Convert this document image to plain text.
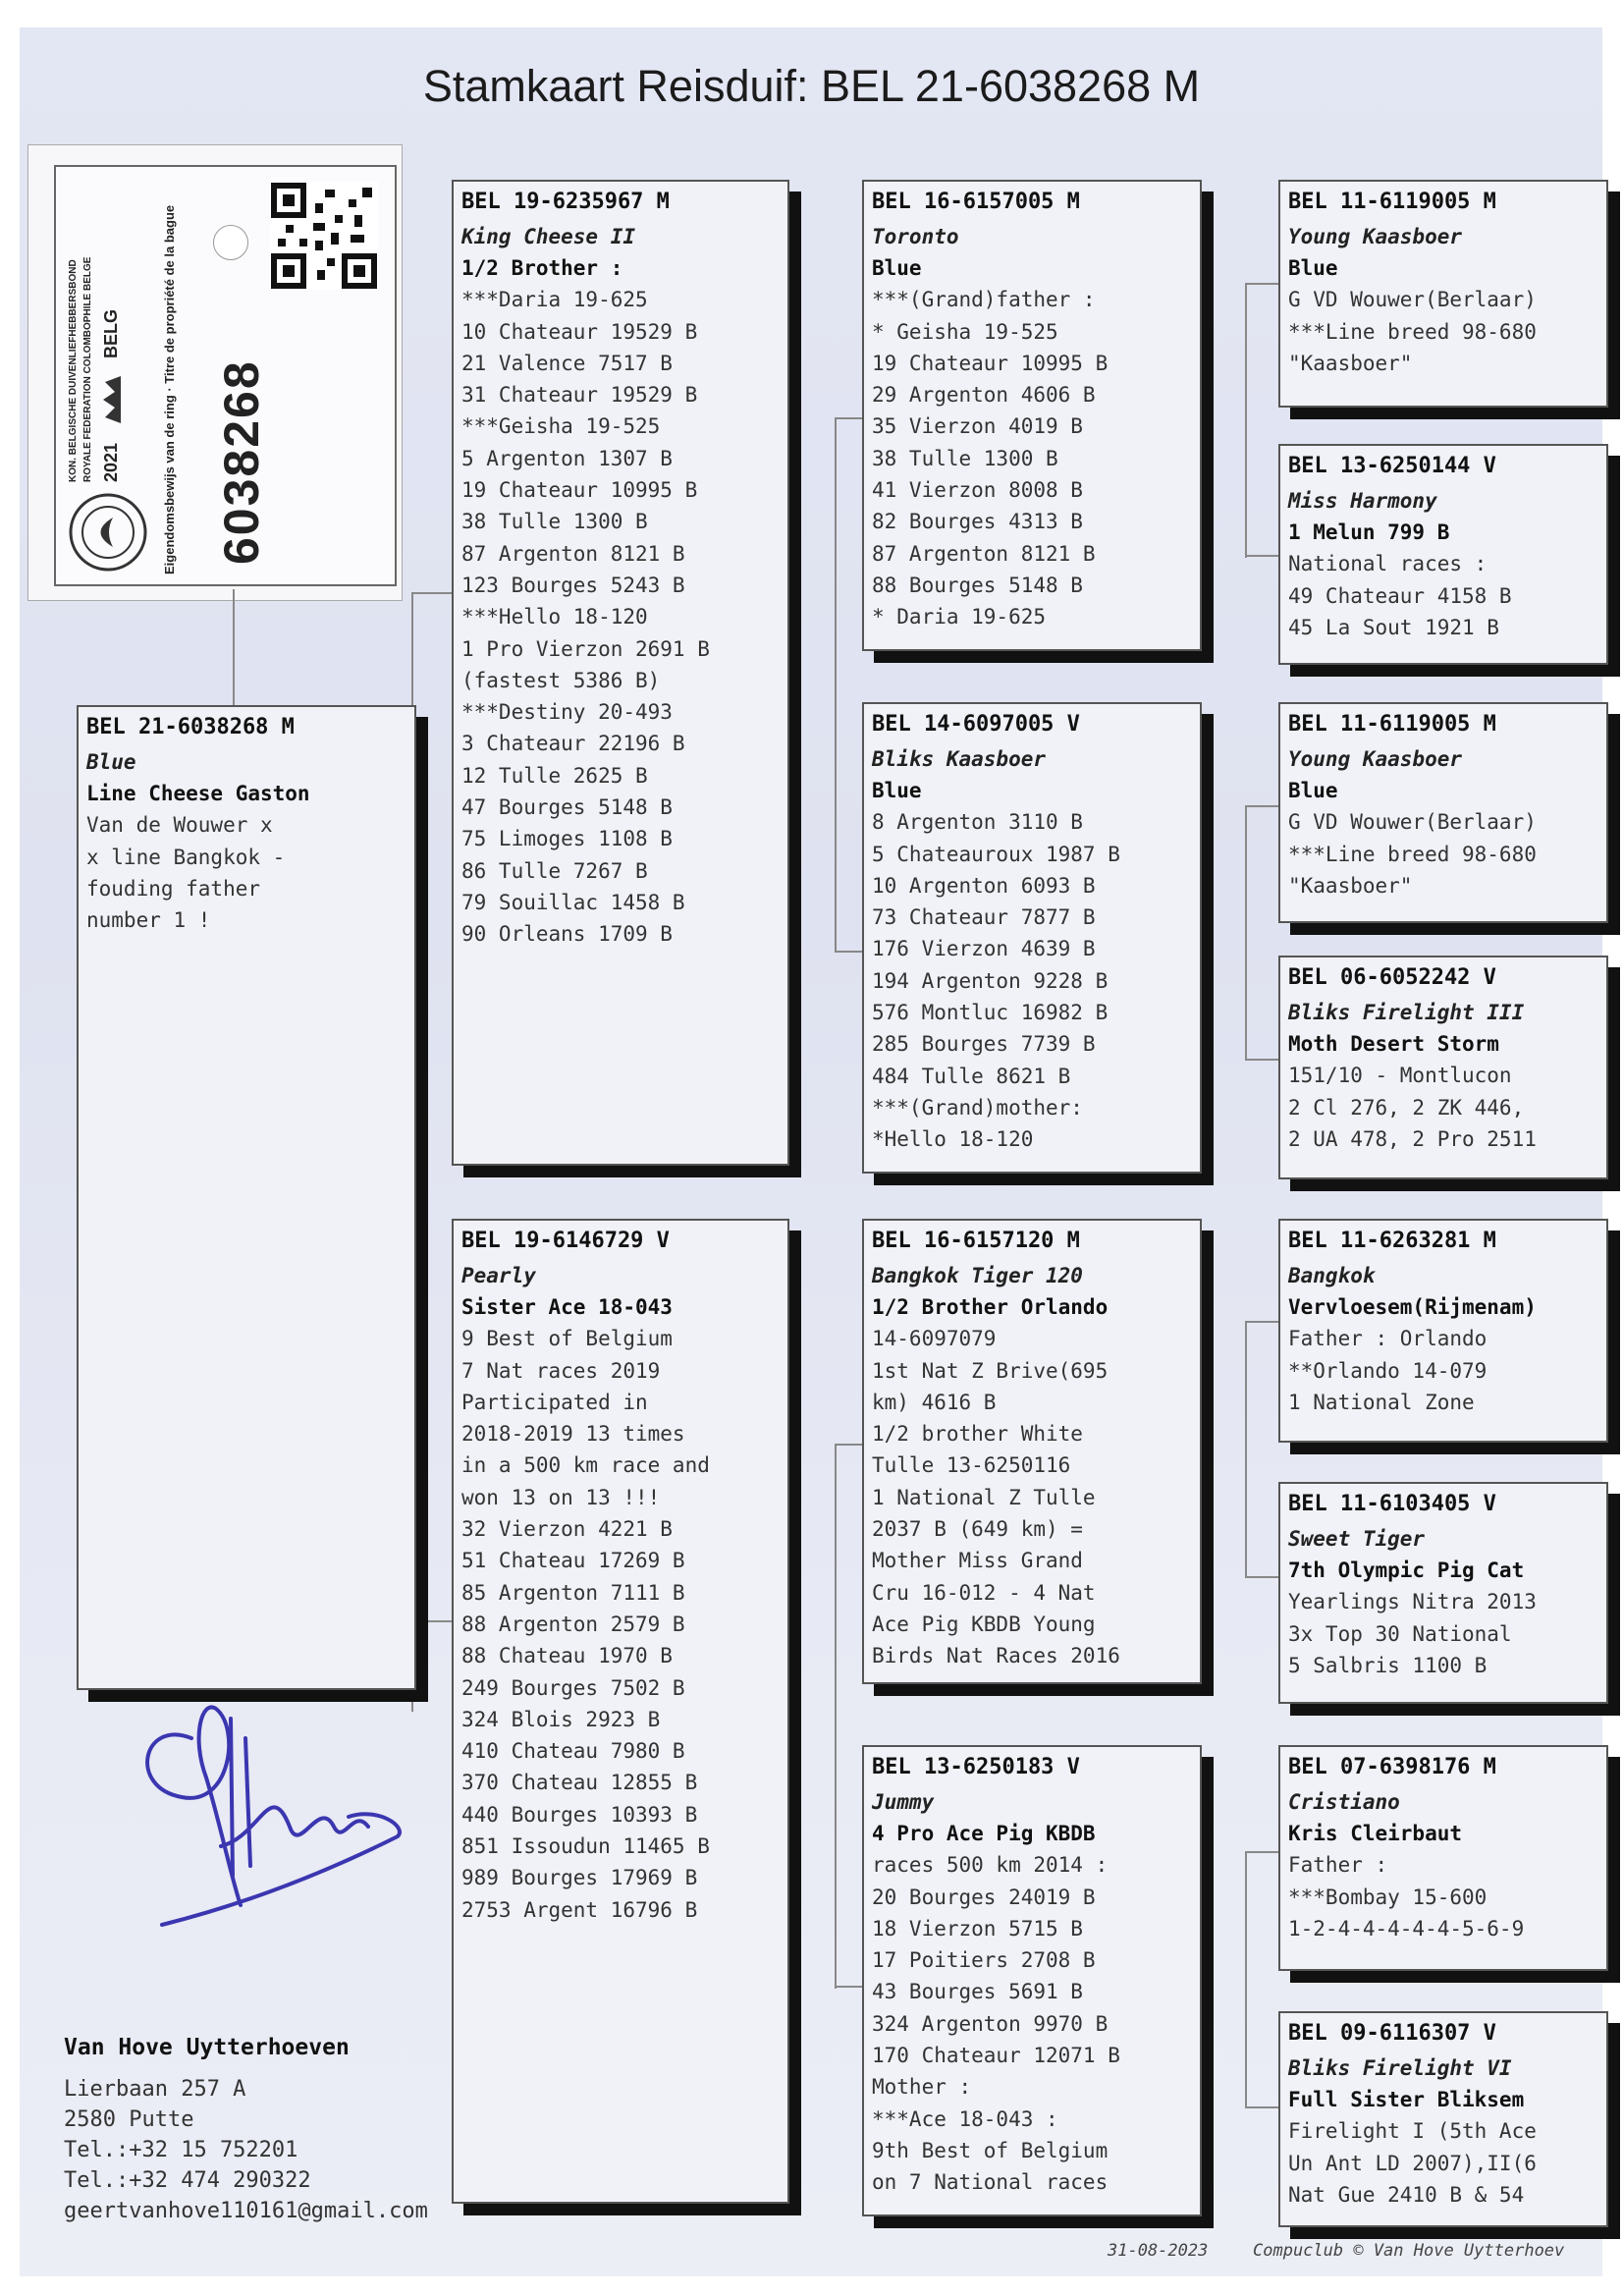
Stamkaart Reisduif: BEL 21-6038268 M
KON. BELGISCHE DUIVENLIEFHEBBERSBOND ROYALE FEDERATION COLOMBOPHILE BELGE 2021
BELG	Eigendomsbewijs van de ring · Titre de propriété de la bague 6038268
BEL 21-6038268 M
Blue
Line Cheese Gaston
Van de Wouwer x
x line Bangkok -
fouding father
number 1 !
BEL 19-6235967 M
King Cheese II
1/2 Brother :
***Daria 19-625
10 Chateaur 19529 B
21 Valence 7517 B
31 Chateaur 19529 B
***Geisha 19-525
5 Argenton 1307 B
19 Chateaur 10995 B
38 Tulle 1300 B
87 Argenton 8121 B
123 Bourges 5243 B
***Hello 18-120
1 Pro Vierzon 2691 B
(fastest 5386 B)
***Destiny 20-493
3 Chateaur 22196 B
12 Tulle 2625 B
47 Bourges 5148 B
75 Limoges 1108 B
86 Tulle 7267 B
79 Souillac 1458 B
90 Orleans 1709 B
BEL 19-6146729 V
Pearly
Sister Ace 18-043
9 Best of Belgium
7 Nat races 2019
Participated in
2018-2019 13 times
in a 500 km race and
won 13 on 13 !!!
32 Vierzon 4221 B
51 Chateau 17269 B
85 Argenton 7111 B
88 Argenton 2579 B
88 Chateau 1970 B
249 Bourges 7502 B
324 Blois 2923 B
410 Chateau 7980 B
370 Chateau 12855 B
440 Bourges 10393 B
851 Issoudun 11465 B
989 Bourges 17969 B
2753 Argent 16796 B
BEL 16-6157005 M
Toronto
Blue
***(Grand)father :
* Geisha 19-525
19 Chateaur 10995 B
29 Argenton 4606 B
35 Vierzon 4019 B
38 Tulle 1300 B
41 Vierzon 8008 B
82 Bourges 4313 B
87 Argenton 8121 B
88 Bourges 5148 B
* Daria 19-625
BEL 14-6097005 V
Bliks Kaasboer
Blue
8 Argenton 3110 B
5 Chateauroux 1987 B
10 Argenton 6093 B
73 Chateaur 7877 B
176 Vierzon 4639 B
194 Argenton 9228 B
576 Montluc 16982 B
285 Bourges 7739 B
484 Tulle 8621 B
***(Grand)mother:
*Hello 18-120
BEL 16-6157120 M
Bangkok Tiger 120
1/2 Brother Orlando
14-6097079
1st Nat Z Brive(695
km) 4616 B
1/2 brother White
Tulle 13-6250116
1 National Z Tulle
2037 B (649 km) =
Mother Miss Grand
Cru 16-012 - 4 Nat
Ace Pig KBDB Young
Birds Nat Races 2016
BEL 13-6250183 V
Jummy
4 Pro Ace Pig KBDB
races 500 km 2014 :
20 Bourges 24019 B
18 Vierzon 5715 B
17 Poitiers 2708 B
43 Bourges 5691 B
324 Argenton 9970 B
170 Chateaur 12071 B
Mother :
***Ace 18-043 :
9th Best of Belgium
on 7 National races
BEL 11-6119005 M
Young Kaasboer
Blue
G VD Wouwer(Berlaar)
***Line breed 98-680
"Kaasboer"
BEL 13-6250144 V
Miss Harmony
1 Melun 799 B
National races :
49 Chateaur 4158 B
45 La Sout 1921 B
BEL 11-6119005 M
Young Kaasboer
Blue
G VD Wouwer(Berlaar)
***Line breed 98-680
"Kaasboer"
BEL 06-6052242 V
Bliks Firelight III
Moth Desert Storm
151/10 - Montlucon
2 Cl 276, 2 ZK 446,
2 UA 478, 2 Pro 2511
BEL 11-6263281 M
Bangkok
Vervloesem(Rijmenam)
Father : Orlando
**Orlando 14-079
1 National Zone
BEL 11-6103405 V
Sweet Tiger
7th Olympic Pig Cat
Yearlings Nitra 2013
3x Top 30 National
5 Salbris 1100 B
BEL 07-6398176 M
Cristiano
Kris Cleirbaut
Father :
***Bombay 15-600
1-2-4-4-4-4-4-5-6-9
BEL 09-6116307 V
Bliks Firelight VI
Full Sister Bliksem
Firelight I (5th Ace
Un Ant LD 2007),II(6
Nat Gue 2410 B & 54
Van Hove Uytterhoeven
Lierbaan 257 A
2580 Putte
Tel.:+32 15 752201
Tel.:+32 474 290322
geertvanhove110161@gmail.com
31-08-2023	Compuclub © Van Hove Uytterhoev
